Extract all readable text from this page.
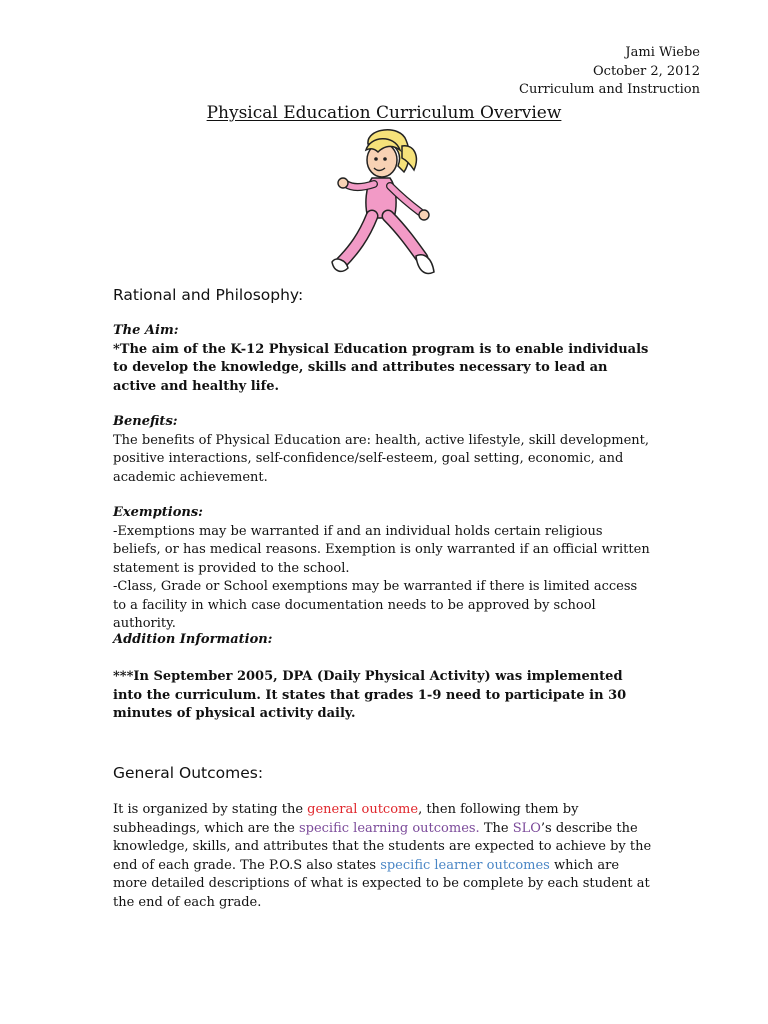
Jami Wiebe
October 2, 2012
Curriculum and Instruction
Physical Education Curriculum Overview
Rational and Philosophy:
The Aim:

*The aim of the K-12 Physical Education program is to enable individuals to develop the knowledge, skills and attributes necessary to lead an active and healthy life.

Benefits:

The benefits of Physical Education are: health, active lifestyle, skill development, positive interactions, self-confidence/self-esteem, goal setting, economic, and academic achievement.

Exemptions:

-Exemptions may be warranted if and an individual holds certain religious beliefs, or has medical reasons. Exemption is only warranted if an official written statement is provided to the school.

-Class, Grade or School exemptions may be warranted if there is limited access to a facility in which case documentation needs to be approved by school authority.

Addition Information:

***In September 2005, DPA (Daily Physical Activity) was implemented into the curriculum. It states that grades 1-9 need to participate in 30 minutes of physical activity daily.

General Outcomes:

It is organized by stating the general outcome, then following them by subheadings, which are the specific learning outcomes. The SLO’s describe the knowledge, skills, and attributes that the students are expected to achieve by the end of each grade. The P.O.S also states specific learner outcomes which are more detailed descriptions of what is expected to be complete by each student at the end of each grade.
